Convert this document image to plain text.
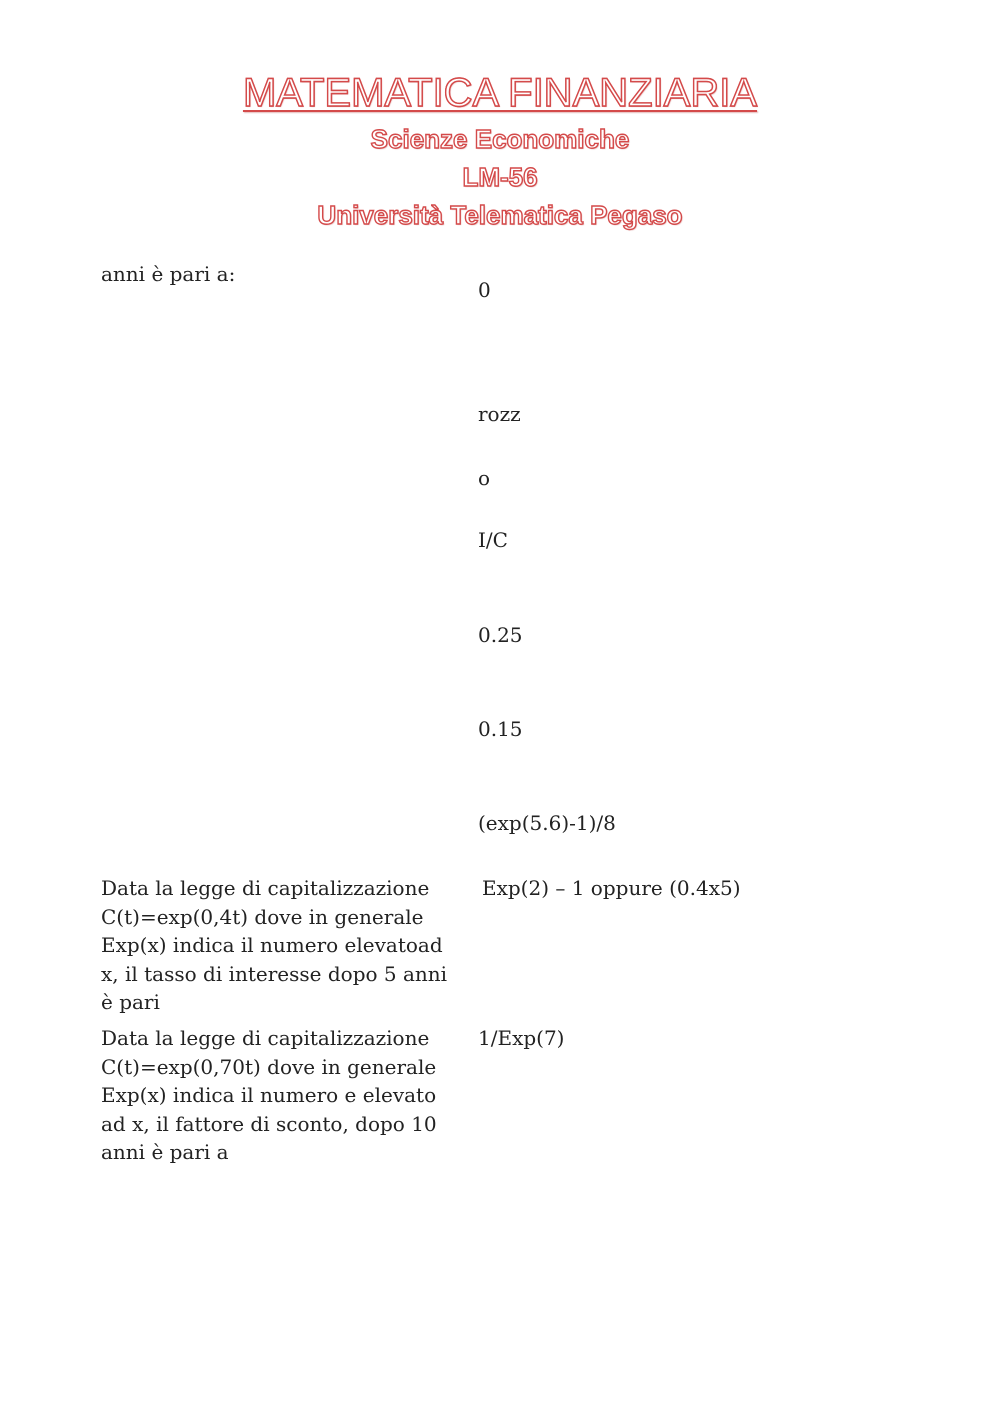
MATEMATICA FINANZIARIA

Scienze Economiche

LM-56

Università Telematica Pegaso

anni è pari a:
0
rozz
o
I/C
0.25
0.15
(exp(5.6)-1)/8
Data la legge di capitalizzazione C(t)=exp(0,4t) dove in generale Exp(x) indica il numero elevatoad x, il tasso di interesse dopo 5 anni è pari
Exp(2) – 1 oppure (0.4x5)
Data la legge di capitalizzazione C(t)=exp(0,70t) dove in generale Exp(x) indica il numero e elevato ad x, il fattore di sconto, dopo 10 anni è pari a
1/Exp(7)
